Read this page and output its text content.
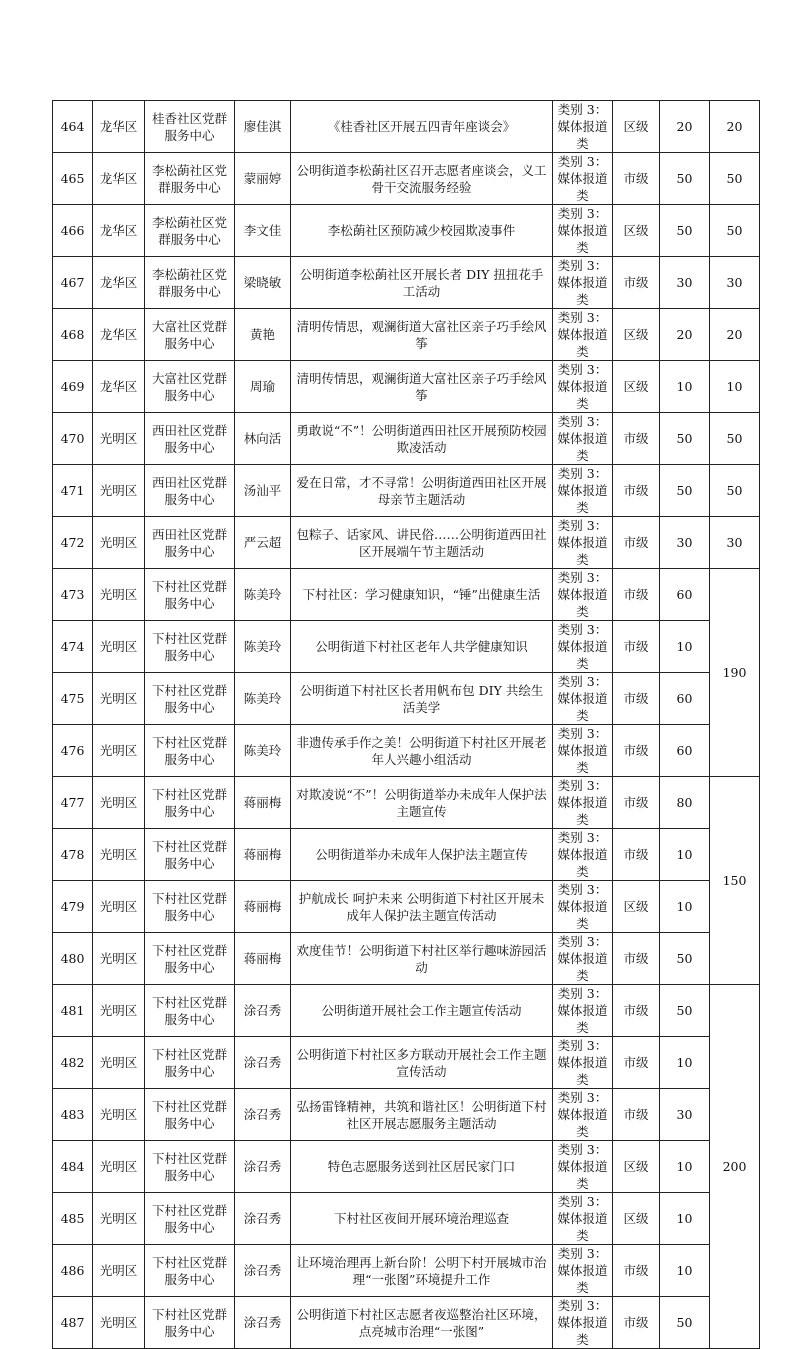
464	龙华区	桂香社区党群服务中心	廖佳淇	《桂香社区开展五四青年座谈会》	类别 3：媒体报道类	区级	20	20
465	龙华区	李松蓢社区党群服务中心	蒙丽婷	公明街道李松蓢社区召开志愿者座谈会，义工骨干交流服务经验	类别 3：媒体报道类	市级	50	50
466	龙华区	李松蓢社区党群服务中心	李文佳	李松蓢社区预防减少校园欺凌事件	类别 3：媒体报道类	区级	50	50
467	龙华区	李松蓢社区党群服务中心	梁晓敏	公明街道李松蓢社区开展长者 DIY 扭扭花手工活动	类别 3：媒体报道类	市级	30	30
468	龙华区	大富社区党群服务中心	黄艳	清明传情思，观澜街道大富社区亲子巧手绘风筝	类别 3：媒体报道类	区级	20	20
469	龙华区	大富社区党群服务中心	周瑜	清明传情思，观澜街道大富社区亲子巧手绘风筝	类别 3：媒体报道类	区级	10	10
470	光明区	西田社区党群服务中心	林向活	勇敢说“不”！公明街道西田社区开展预防校园欺凌活动	类别 3：媒体报道类	市级	50	50
471	光明区	西田社区党群服务中心	汤汕平	爱在日常，才不寻常！公明街道西田社区开展母亲节主题活动	类别 3：媒体报道类	市级	50	50
472	光明区	西田社区党群服务中心	严云超	包粽子、话家风、讲民俗……公明街道西田社区开展端午节主题活动	类别 3：媒体报道类	市级	30	30
473	光明区	下村社区党群服务中心	陈美玲	下村社区：学习健康知识，“锤”出健康生活	类别 3：媒体报道类	市级	60	190
474	光明区	下村社区党群服务中心	陈美玲	公明街道下村社区老年人共学健康知识	类别 3：媒体报道类	市级	10	
475	光明区	下村社区党群服务中心	陈美玲	公明街道下村社区长者用帆布包 DIY 共绘生活美学	类别 3：媒体报道类	市级	60	
476	光明区	下村社区党群服务中心	陈美玲	非遗传承手作之美！公明街道下村社区开展老年人兴趣小组活动	类别 3：媒体报道类	市级	60	
477	光明区	下村社区党群服务中心	蒋丽梅	对欺凌说“不”！公明街道举办未成年人保护法主题宣传	类别 3：媒体报道类	市级	80	150
478	光明区	下村社区党群服务中心	蒋丽梅	公明街道举办未成年人保护法主题宣传	类别 3：媒体报道类	市级	10	
479	光明区	下村社区党群服务中心	蒋丽梅	护航成长 呵护未来 公明街道下村社区开展未成年人保护法主题宣传活动	类别 3：媒体报道类	区级	10	
480	光明区	下村社区党群服务中心	蒋丽梅	欢度佳节！公明街道下村社区举行趣味游园活动	类别 3：媒体报道类	市级	50	
481	光明区	下村社区党群服务中心	涂召秀	公明街道开展社会工作主题宣传活动	类别 3：媒体报道类	市级	50	200
482	光明区	下村社区党群服务中心	涂召秀	公明街道下村社区多方联动开展社会工作主题宣传活动	类别 3：媒体报道类	市级	10	
483	光明区	下村社区党群服务中心	涂召秀	弘扬雷锋精神，共筑和谐社区！公明街道下村社区开展志愿服务主题活动	类别 3：媒体报道类	市级	30	
484	光明区	下村社区党群服务中心	涂召秀	特色志愿服务送到社区居民家门口	类别 3：媒体报道类	区级	10	
485	光明区	下村社区党群服务中心	涂召秀	下村社区夜间开展环境治理巡查	类别 3：媒体报道类	区级	10	
486	光明区	下村社区党群服务中心	涂召秀	让环境治理再上新台阶！公明下村开展城市治理“一张图”环境提升工作	类别 3：媒体报道类	市级	10	
487	光明区	下村社区党群服务中心	涂召秀	公明街道下村社区志愿者夜巡整治社区环境，点亮城市治理“一张图”	类别 3：媒体报道类	市级	50	
